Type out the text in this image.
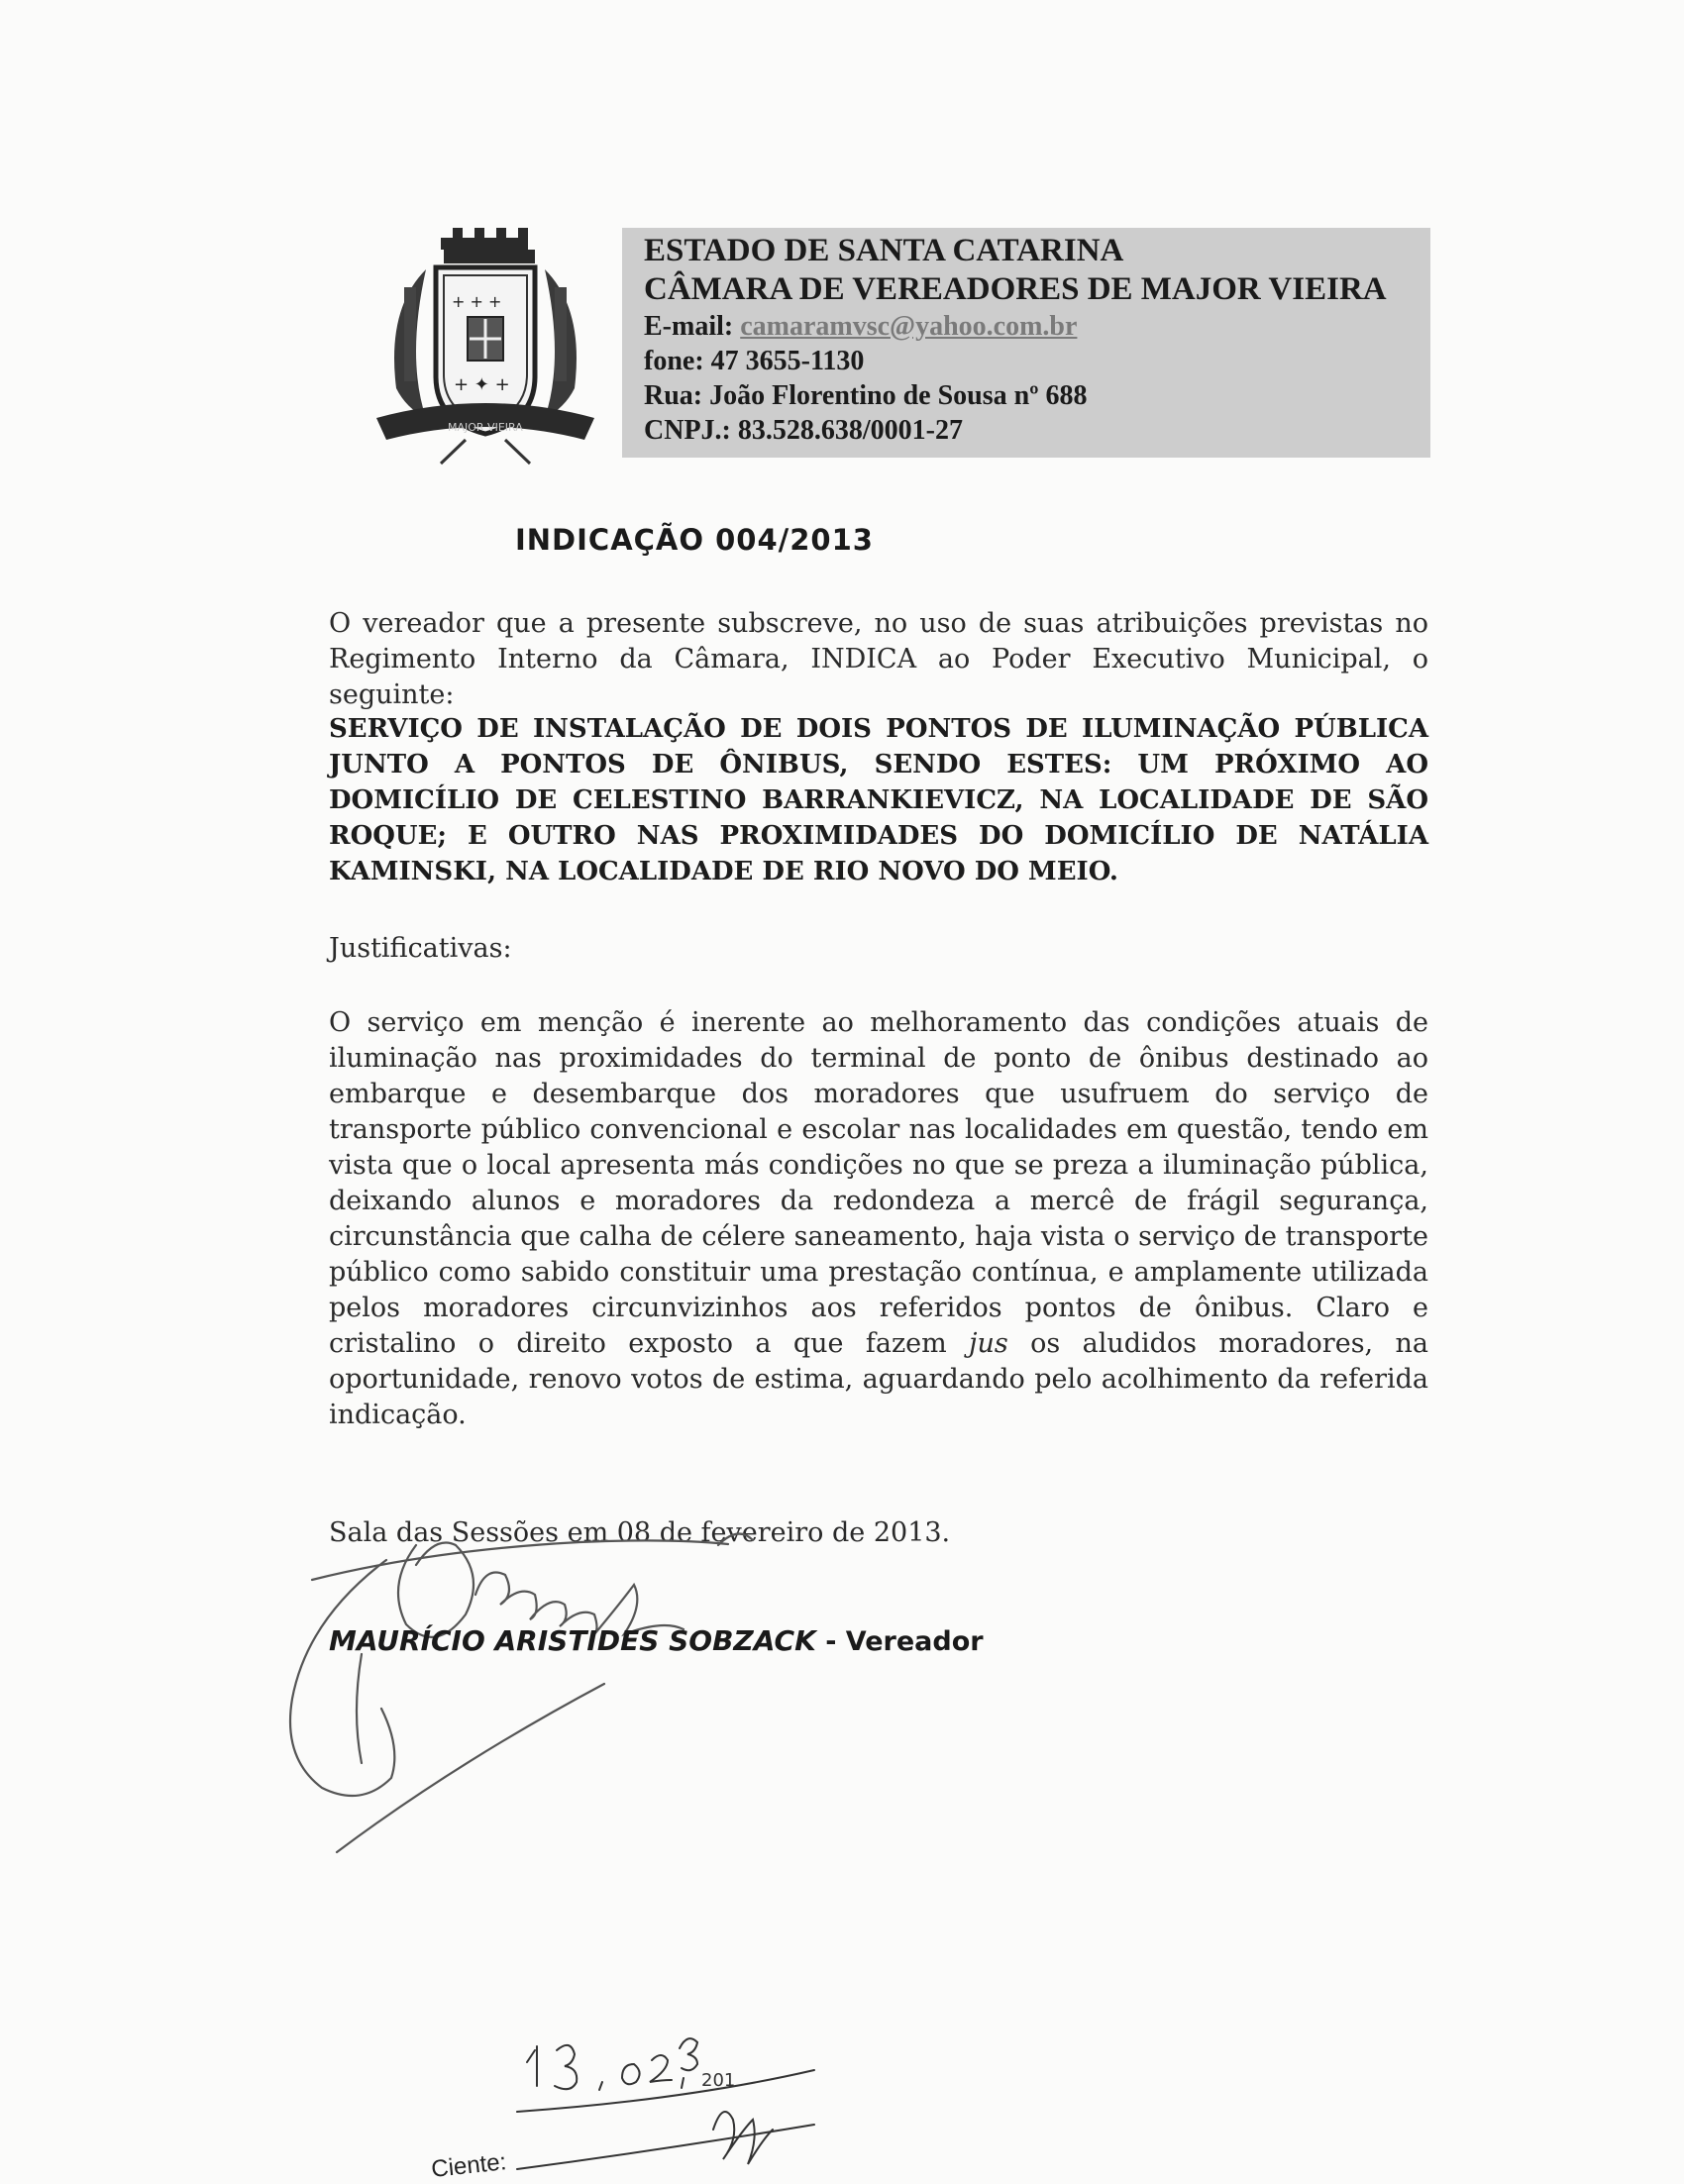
+ + +
+ ✦ +
MAJOR VIEIRA
ESTADO DE SANTA CATARINA
CÂMARA DE VEREADORES DE MAJOR VIEIRA
E-mail: camaramvsc@yahoo.com.br
fone: 47 3655-1130
Rua: João Florentino de Sousa nº 688
CNPJ.: 83.528.638/0001-27
INDICAÇÃO 004/2013
O vereador que a presente subscreve, no uso de suas atribuições previstas no Regimento Interno da Câmara, INDICA ao Poder Executivo Municipal, o seguinte:
SERVIÇO DE INSTALAÇÃO DE DOIS PONTOS DE ILUMINAÇÃO PÚBLICA JUNTO A PONTOS DE ÔNIBUS, SENDO ESTES: UM PRÓXIMO AO DOMICÍLIO DE CELESTINO BARRANKIEVICZ, NA LOCALIDADE DE SÃO ROQUE; E OUTRO NAS PROXIMIDADES DO DOMICÍLIO DE NATÁLIA KAMINSKI, NA LOCALIDADE DE RIO NOVO DO MEIO.
Justificativas:
O serviço em menção é inerente ao melhoramento das condições atuais de iluminação nas proximidades do terminal de ponto de ônibus destinado ao embarque e desembarque dos moradores que usufruem do serviço de transporte público convencional e escolar nas localidades em questão, tendo em vista que o local apresenta más condições no que se preza a iluminação pública, deixando alunos e moradores da redondeza a mercê de frágil segurança, circunstância que calha de célere saneamento, haja vista o serviço de transporte público como sabido constituir uma prestação contínua, e amplamente utilizada pelos moradores circunvizinhos aos referidos pontos de ônibus. Claro e cristalino o direito exposto a que fazem jus os aludidos moradores, na oportunidade, renovo votos de estima, aguardando pelo acolhimento da referida indicação.
Sala das Sessões em 08 de fevereiro de 2013.
MAURÍCIO ARISTIDES SOBZACK - Vereador
Ciente:
201
